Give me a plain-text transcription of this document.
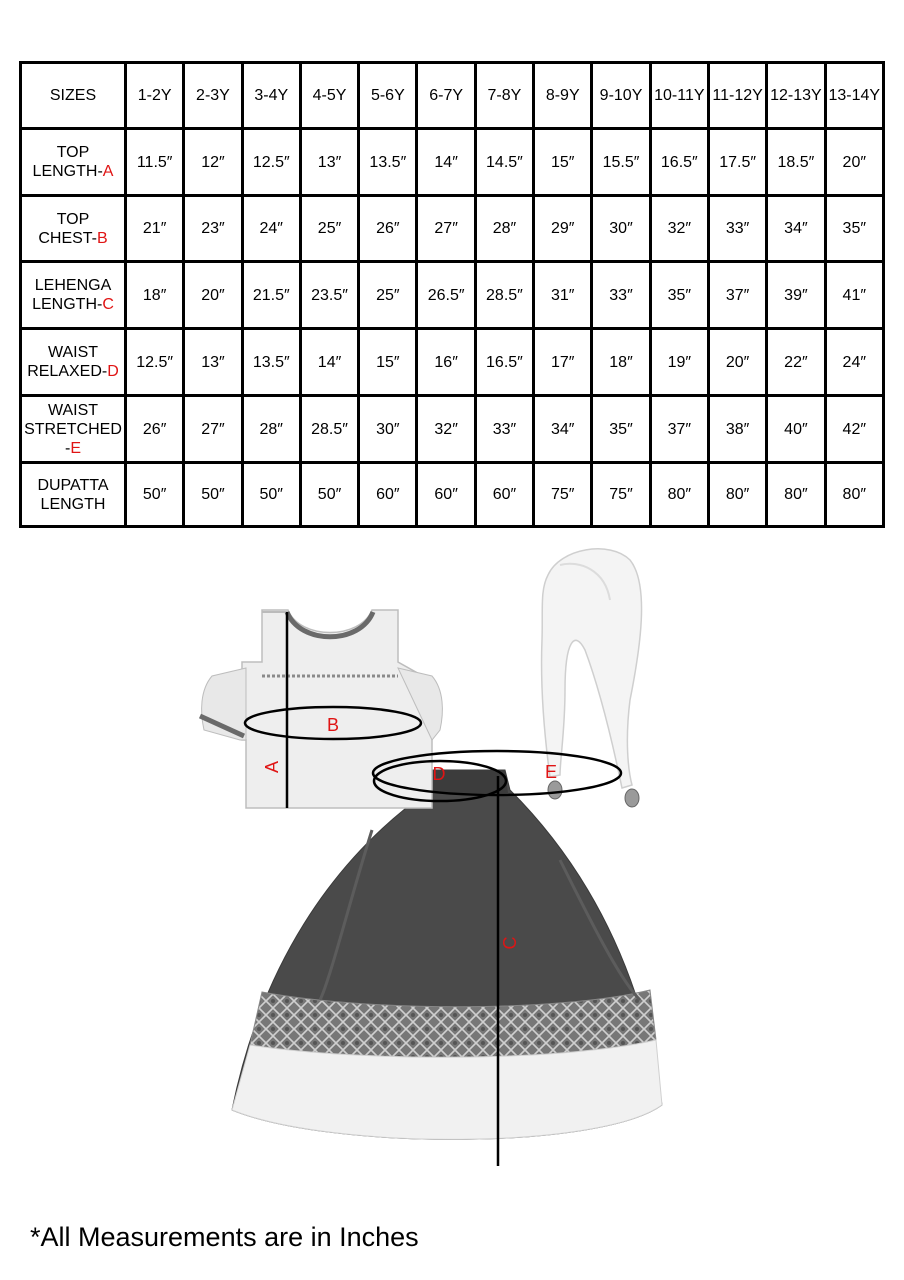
SIZES	1-2Y	2-3Y	3-4Y	4-5Y	5-6Y	6-7Y	7-8Y	8-9Y	9-10Y	10-11Y	11-12Y	12-13Y	13-14Y

TOP
LENGTH-A	11.5″	12″	12.5″	13″	13.5″	14″	14.5″	15″	15.5″	16.5″	17.5″	18.5″	20″

TOP
CHEST-B	21″	23″	24″	25″	26″	27″	28″	29″	30″	32″	33″	34″	35″

LEHENGA
LENGTH-C	18″	20″	21.5″	23.5″	25″	26.5″	28.5″	31″	33″	35″	37″	39″	41″

WAIST
RELAXED-D	12.5″	13″	13.5″	14″	15″	16″	16.5″	17″	18″	19″	20″	22″	24″

WAIST
STRETCHED
-E	26″	27″	28″	28.5″	30″	32″	33″	34″	35″	37″	38″	40″	42″

DUPATTA
LENGTH	50″	50″	50″	50″	60″	60″	60″	75″	75″	80″	80″	80″	80″
A
B
C
D	E
*All Measurements are in Inches
